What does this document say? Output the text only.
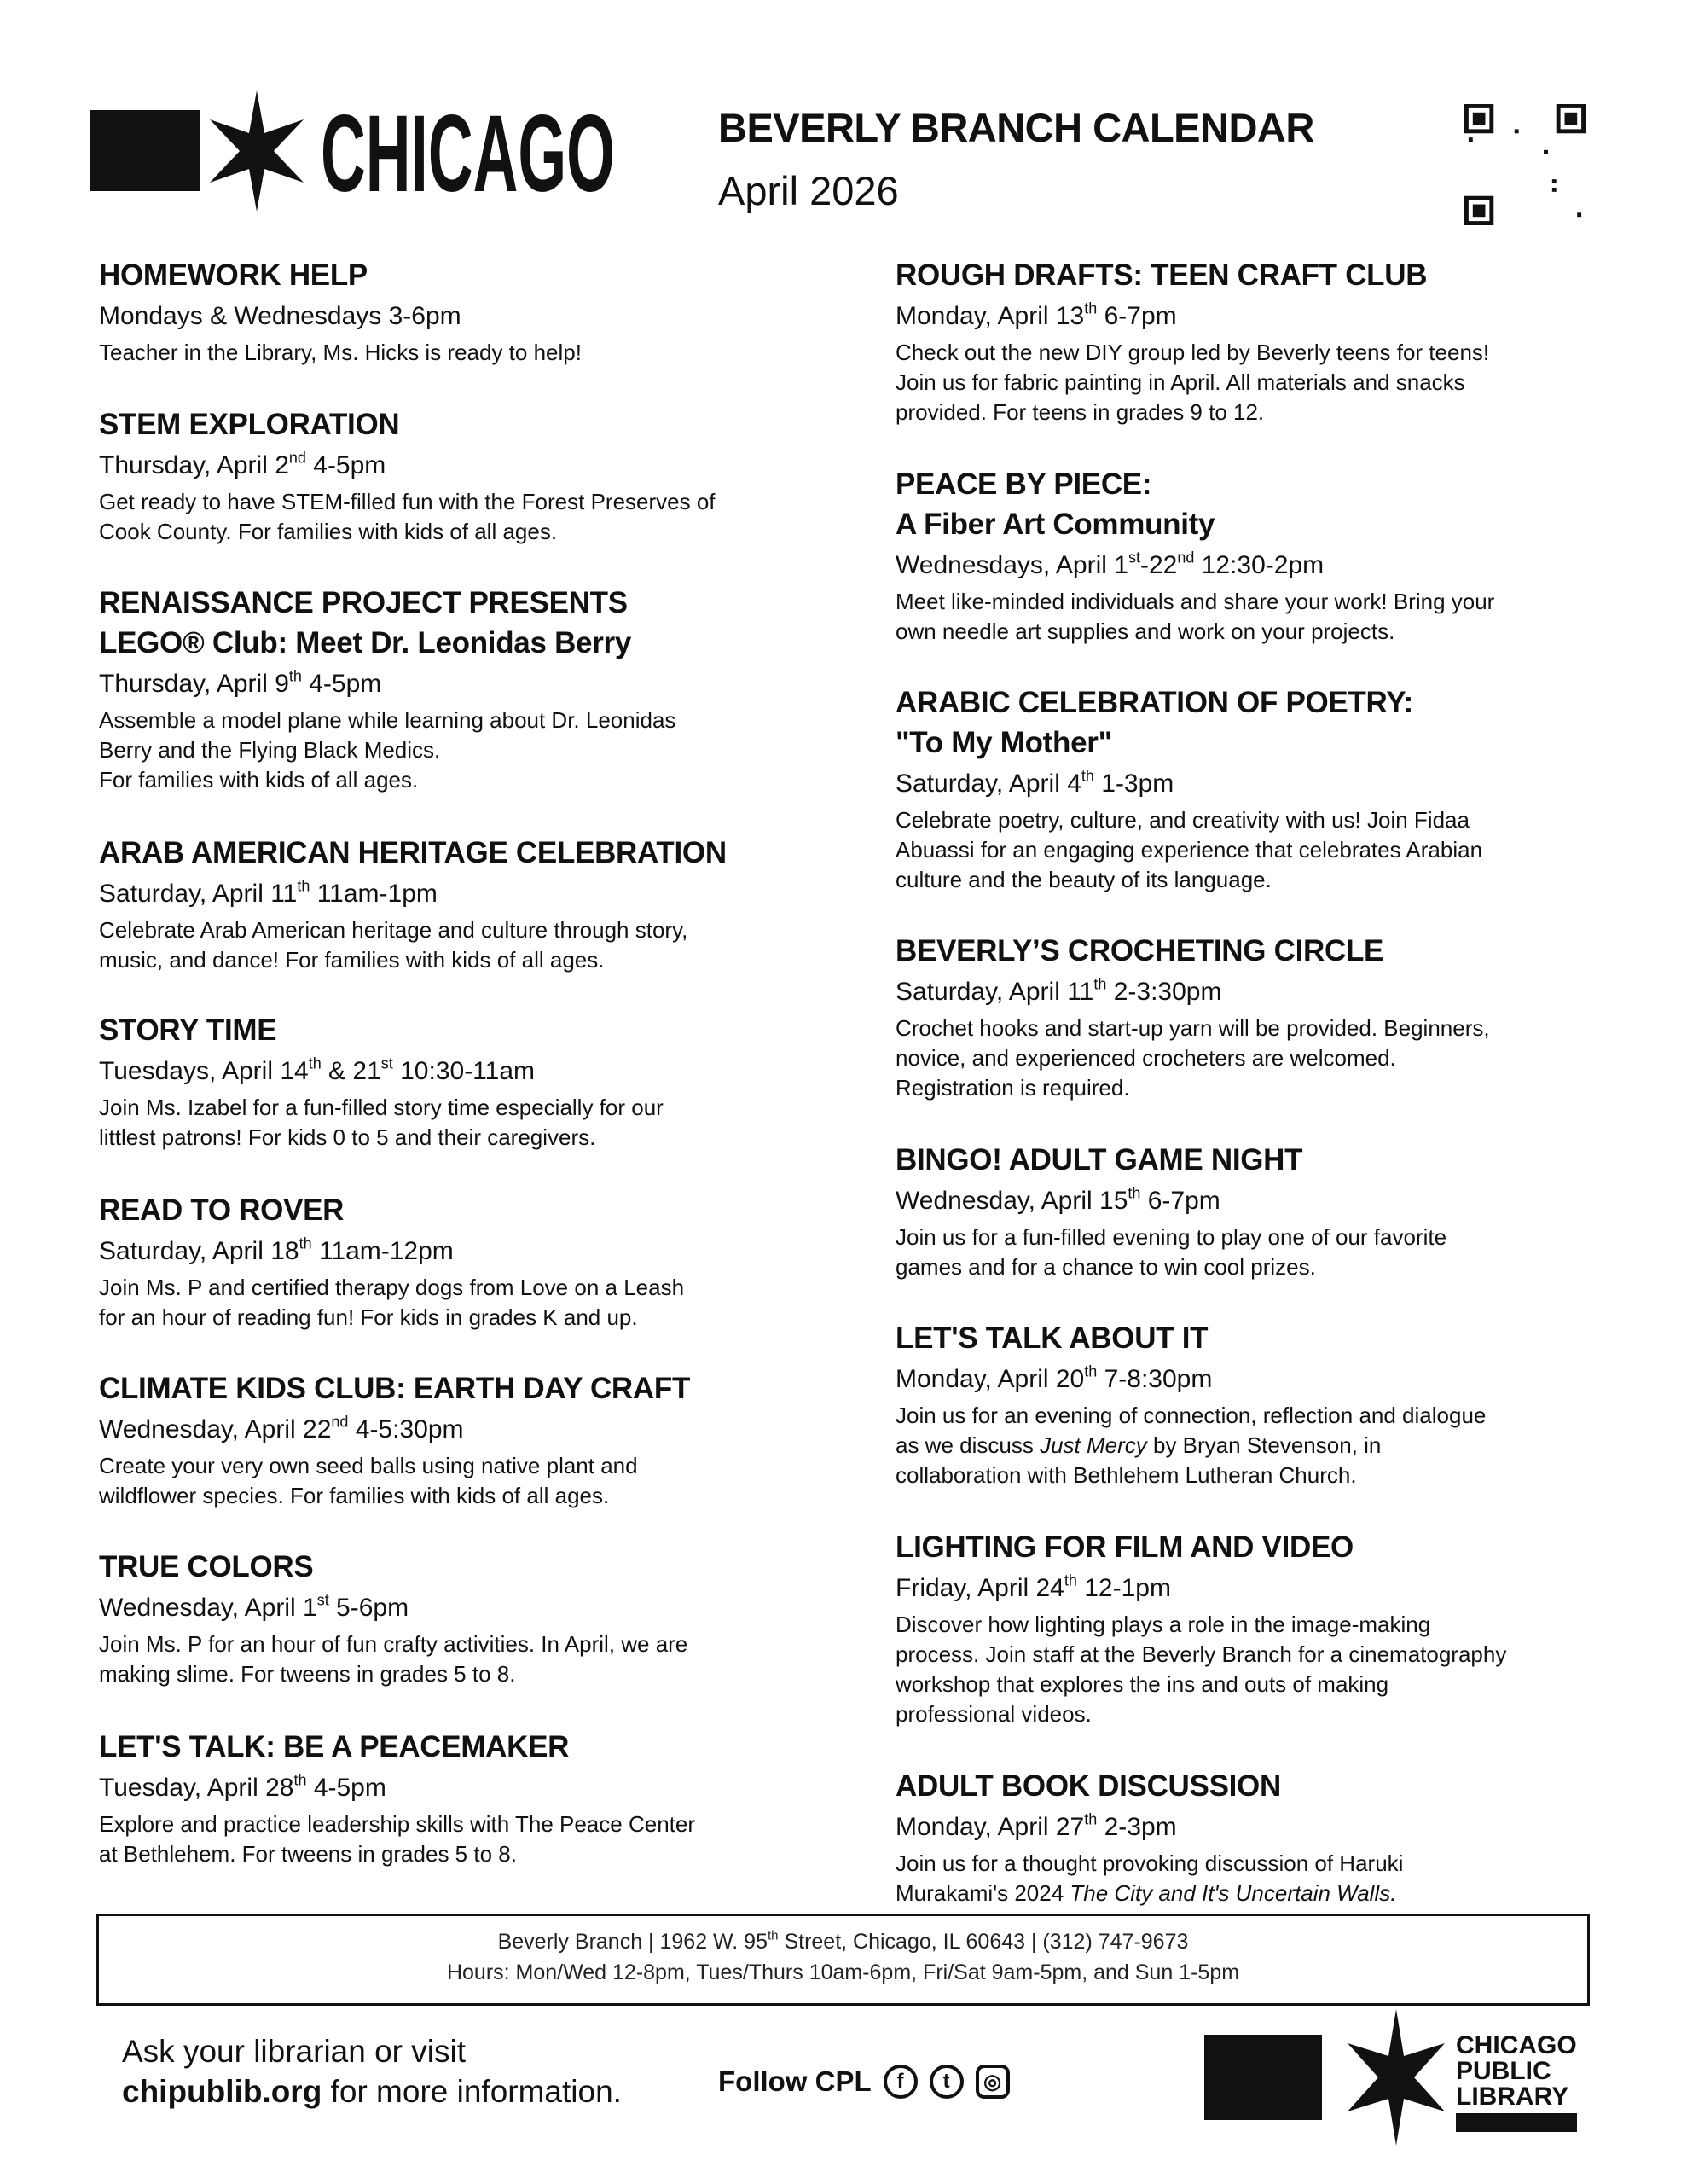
CHICAGO	BEVERLY BRANCH CALENDAR
April 2026
HOMEWORK HELP
Mondays & Wednesdays 3-6pm
Teacher in the Library, Ms. Hicks is ready to help!
STEM EXPLORATION
Thursday, April 2nd 4-5pm
Get ready to have STEM-filled fun with the Forest Preserves of
Cook County. For families with kids of all ages.
RENAISSANCE PROJECT PRESENTS
LEGO® Club: Meet Dr. Leonidas Berry
Thursday, April 9th 4-5pm
Assemble a model plane while learning about Dr. Leonidas
Berry and the Flying Black Medics.
For families with kids of all ages.
ARAB AMERICAN HERITAGE CELEBRATION
Saturday, April 11th 11am-1pm
Celebrate Arab American heritage and culture through story,
music, and dance! For families with kids of all ages.
STORY TIME
Tuesdays, April 14th & 21st 10:30-11am
Join Ms. Izabel for a fun-filled story time especially for our
littlest patrons! For kids 0 to 5 and their caregivers.
READ TO ROVER
Saturday, April 18th 11am-12pm
Join Ms. P and certified therapy dogs from Love on a Leash
for an hour of reading fun! For kids in grades K and up.
CLIMATE KIDS CLUB: EARTH DAY CRAFT
Wednesday, April 22nd 4-5:30pm
Create your very own seed balls using native plant and
wildflower species. For families with kids of all ages.
TRUE COLORS
Wednesday, April 1st 5-6pm
Join Ms. P for an hour of fun crafty activities. In April, we are
making slime. For tweens in grades 5 to 8.
LET'S TALK: BE A PEACEMAKER
Tuesday, April 28th 4-5pm
Explore and practice leadership skills with The Peace Center
at Bethlehem. For tweens in grades 5 to 8.
ROUGH DRAFTS: TEEN CRAFT CLUB
Monday, April 13th 6-7pm
Check out the new DIY group led by Beverly teens for teens!
Join us for fabric painting in April. All materials and snacks
provided. For teens in grades 9 to 12.
PEACE BY PIECE:
A Fiber Art Community
Wednesdays, April 1st-22nd 12:30-2pm
Meet like-minded individuals and share your work! Bring your
own needle art supplies and work on your projects.
ARABIC CELEBRATION OF POETRY:
"To My Mother"
Saturday, April 4th 1-3pm
Celebrate poetry, culture, and creativity with us! Join Fidaa
Abuassi for an engaging experience that celebrates Arabian
culture and the beauty of its language.
BEVERLY’S CROCHETING CIRCLE
Saturday, April 11th 2-3:30pm
Crochet hooks and start-up yarn will be provided. Beginners,
novice, and experienced crocheters are welcomed.
Registration is required.
BINGO! ADULT GAME NIGHT
Wednesday, April 15th 6-7pm
Join us for a fun-filled evening to play one of our favorite
games and for a chance to win cool prizes.
LET'S TALK ABOUT IT
Monday, April 20th 7-8:30pm
Join us for an evening of connection, reflection and dialogue
as we discuss Just Mercy by Bryan Stevenson, in
collaboration with Bethlehem Lutheran Church.
LIGHTING FOR FILM AND VIDEO
Friday, April 24th 12-1pm
Discover how lighting plays a role in the image-making
process. Join staff at the Beverly Branch for a cinematography
workshop that explores the ins and outs of making
professional videos.
ADULT BOOK DISCUSSION
Monday, April 27th 2-3pm
Join us for a thought provoking discussion of Haruki
Murakami's 2024 The City and It's Uncertain Walls.
Beverly Branch | 1962 W. 95th Street, Chicago, IL 60643 | (312) 747-9673
Hours: Mon/Wed 12-8pm, Tues/Thurs 10am-6pm, Fri/Sat 9am-5pm, and Sun 1-5pm
Ask your librarian or visit
chipublib.org for more information.	Follow CPL	f	t	◎
CHICAGO
PUBLIC
LIBRARY
